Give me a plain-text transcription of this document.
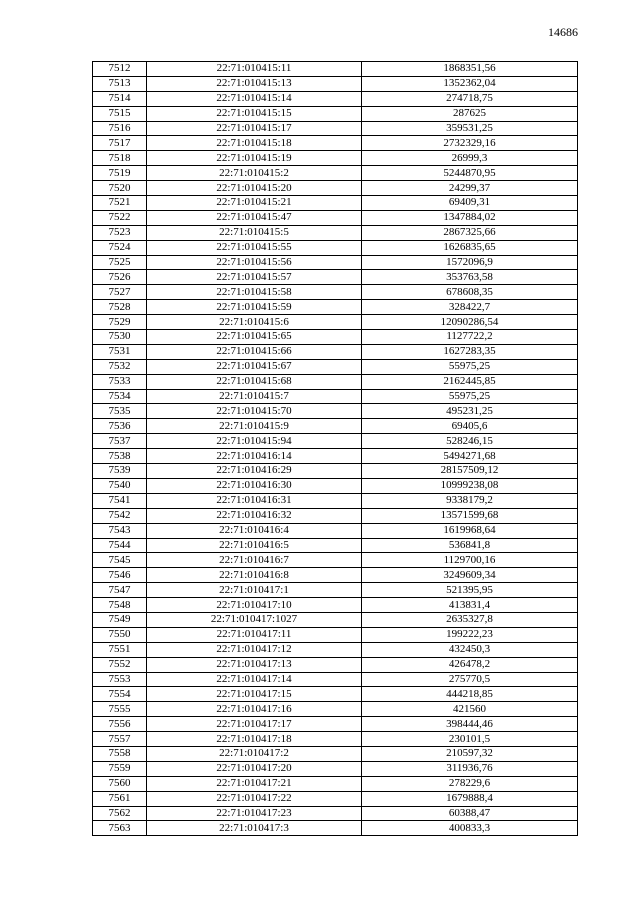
14686
7512	22:71:010415:11	1868351,56
7513	22:71:010415:13	1352362,04
7514	22:71:010415:14	274718,75
7515	22:71:010415:15	287625
7516	22:71:010415:17	359531,25
7517	22:71:010415:18	2732329,16
7518	22:71:010415:19	26999,3
7519	22:71:010415:2	5244870,95
7520	22:71:010415:20	24299,37
7521	22:71:010415:21	69409,31
7522	22:71:010415:47	1347884,02
7523	22:71:010415:5	2867325,66
7524	22:71:010415:55	1626835,65
7525	22:71:010415:56	1572096,9
7526	22:71:010415:57	353763,58
7527	22:71:010415:58	678608,35
7528	22:71:010415:59	328422,7
7529	22:71:010415:6	12090286,54
7530	22:71:010415:65	1127722,2
7531	22:71:010415:66	1627283,35
7532	22:71:010415:67	55975,25
7533	22:71:010415:68	2162445,85
7534	22:71:010415:7	55975,25
7535	22:71:010415:70	495231,25
7536	22:71:010415:9	69405,6
7537	22:71:010415:94	528246,15
7538	22:71:010416:14	5494271,68
7539	22:71:010416:29	28157509,12
7540	22:71:010416:30	10999238,08
7541	22:71:010416:31	9338179,2
7542	22:71:010416:32	13571599,68
7543	22:71:010416:4	1619968,64
7544	22:71:010416:5	536841,8
7545	22:71:010416:7	1129700,16
7546	22:71:010416:8	3249609,34
7547	22:71:010417:1	521395,95
7548	22:71:010417:10	413831,4
7549	22:71:010417:1027	2635327,8
7550	22:71:010417:11	199222,23
7551	22:71:010417:12	432450,3
7552	22:71:010417:13	426478,2
7553	22:71:010417:14	275770,5
7554	22:71:010417:15	444218,85
7555	22:71:010417:16	421560
7556	22:71:010417:17	398444,46
7557	22:71:010417:18	230101,5
7558	22:71:010417:2	210597,32
7559	22:71:010417:20	311936,76
7560	22:71:010417:21	278229,6
7561	22:71:010417:22	1679888,4
7562	22:71:010417:23	60388,47
7563	22:71:010417:3	400833,3
